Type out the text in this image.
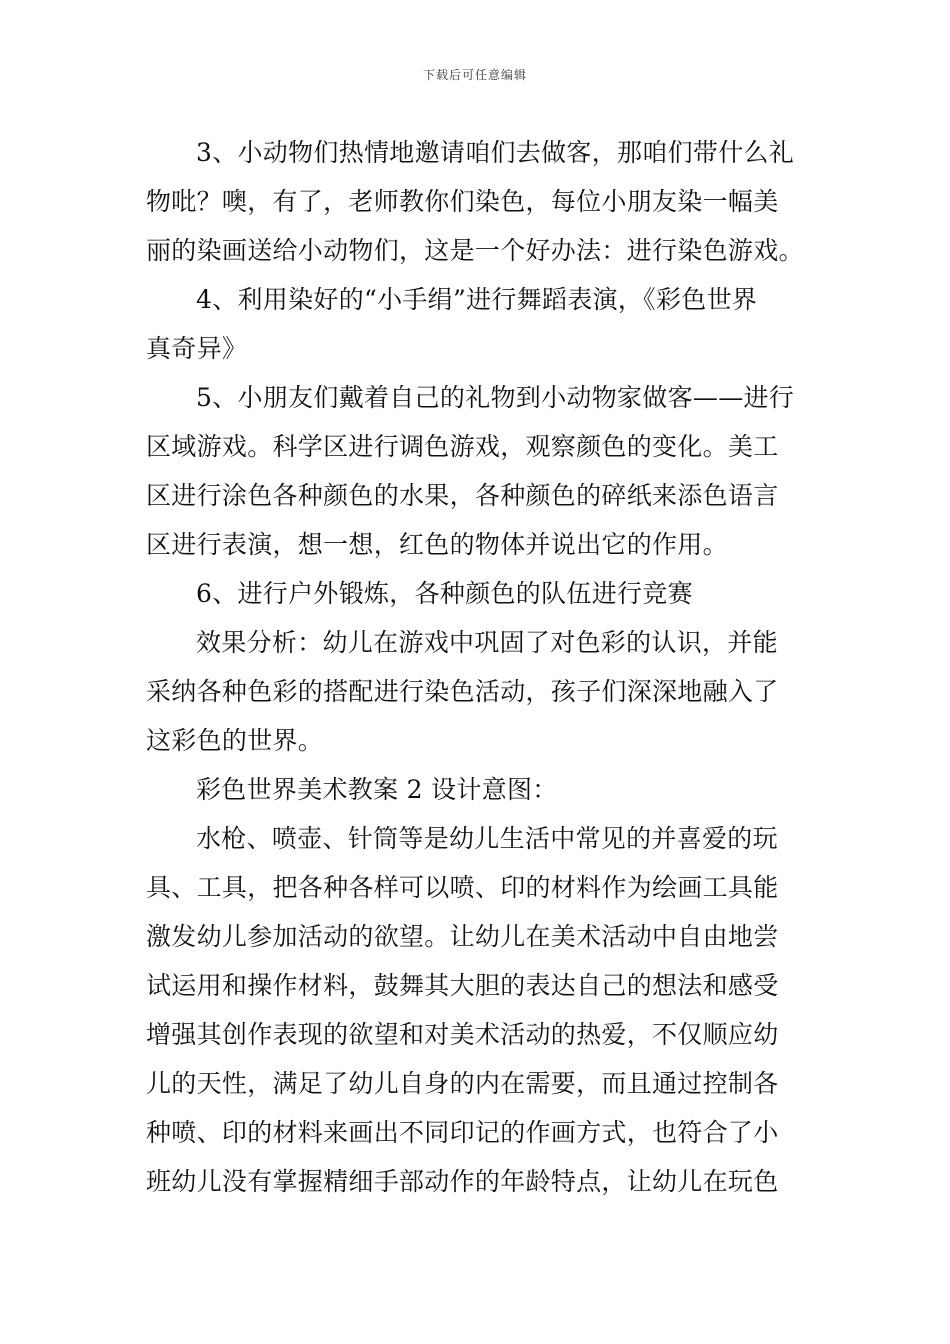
下载后可任意编辑
3、小动物们热情地邀请咱们去做客，那咱们带什么礼
物吡？噢，有了，老师教你们染色，每位小朋友染一幅美
丽的染画送给小动物们，这是一个好办法：进行染色游戏。
4、利用染好的“小手绢”进行舞蹈表演，《彩色世界
真奇异》
5、小朋友们戴着自己的礼物到小动物家做客——进行
区域游戏。科学区进行调色游戏，观察颜色的变化。美工
区进行涂色各种颜色的水果，各种颜色的碎纸来添色语言
区进行表演，想一想，红色的物体并说出它的作用。
6、进行户外锻炼，各种颜色的队伍进行竞赛
效果分析：幼儿在游戏中巩固了对色彩的认识，并能
采纳各种色彩的搭配进行染色活动，孩子们深深地融入了
这彩色的世界。
彩色世界美术教案 2 设计意图：
水枪、喷壶、针筒等是幼儿生活中常见的并喜爱的玩
具、工具，把各种各样可以喷、印的材料作为绘画工具能
激发幼儿参加活动的欲望。让幼儿在美术活动中自由地尝
试运用和操作材料，鼓舞其大胆的表达自己的想法和感受
增强其创作表现的欲望和对美术活动的热爱，不仅顺应幼
儿的天性，满足了幼儿自身的内在需要，而且通过控制各
种喷、印的材料来画出不同印记的作画方式，也符合了小
班幼儿没有掌握精细手部动作的年龄特点，让幼儿在玩色
